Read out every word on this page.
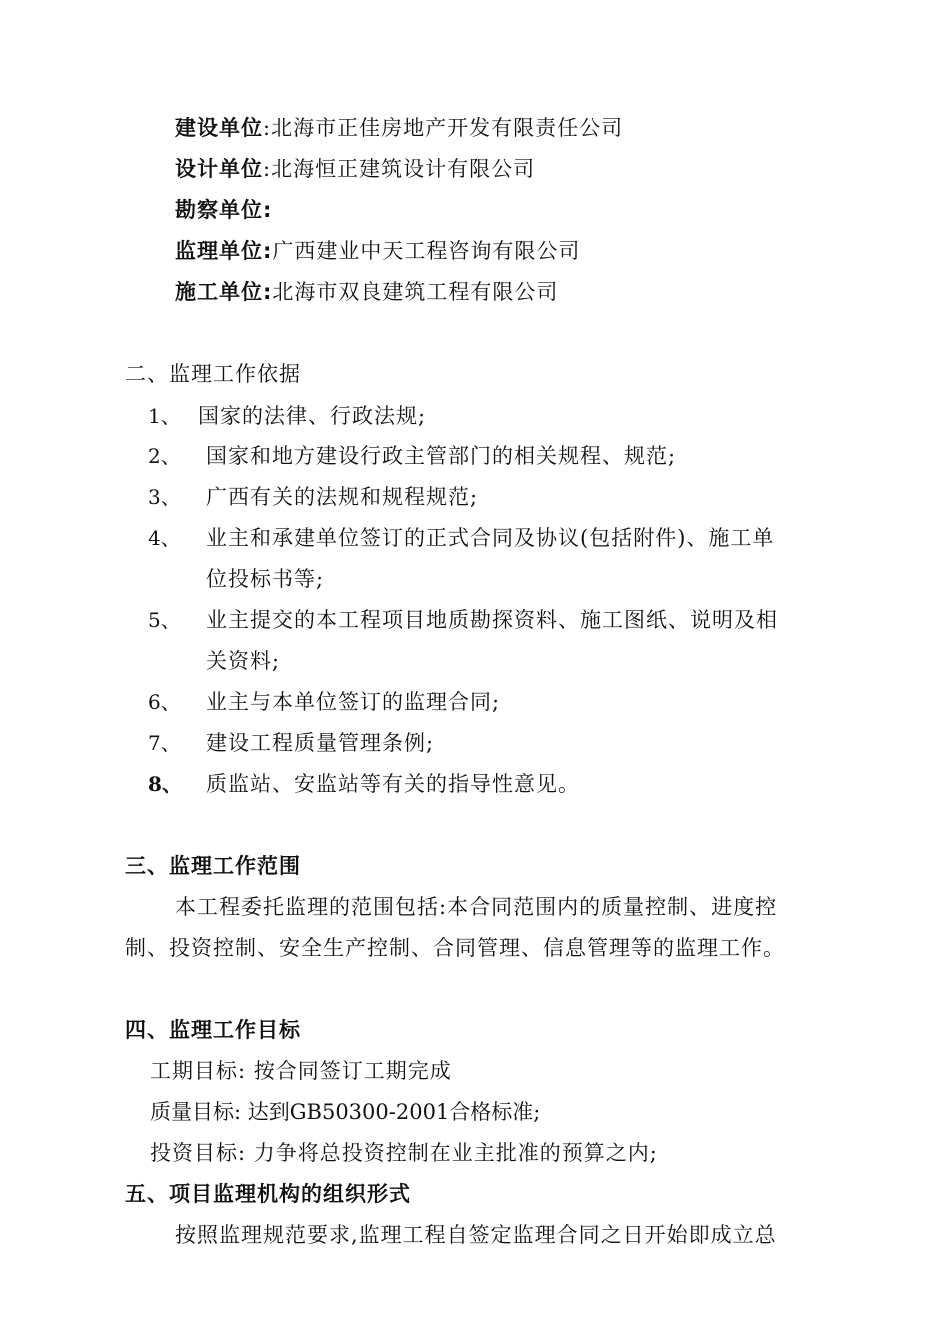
建设单位:北海市正佳房地产开发有限责任公司
设计单位:北海恒正建筑设计有限公司
勘察单位:
监理单位:广西建业中天工程咨询有限公司
施工单位:北海市双良建筑工程有限公司
二、监理工作依据
1、 国家的法律、行政法规;
2、 国家和地方建设行政主管部门的相关规程、规范;
3、 广西有关的法规和规程规范;
4、 业主和承建单位签订的正式合同及协议(包括附件)、施工单
位投标书等;
5、 业主提交的本工程项目地质勘探资料、施工图纸、说明及相
关资料;
6、 业主与本单位签订的监理合同;
7、 建设工程质量管理条例;
8、 质监站、安监站等有关的指导性意见。
三、监理工作范围
本工程委托监理的范围包括:本合同范围内的质量控制、进度控
制、投资控制、安全生产控制、合同管理、信息管理等的监理工作。
四、监理工作目标
工期目标: 按合同签订工期完成
质量目标: 达到GB50300-2001合格标准;
投资目标: 力争将总投资控制在业主批准的预算之内;
五、项目监理机构的组织形式
按照监理规范要求,监理工程自签定监理合同之日开始即成立总
